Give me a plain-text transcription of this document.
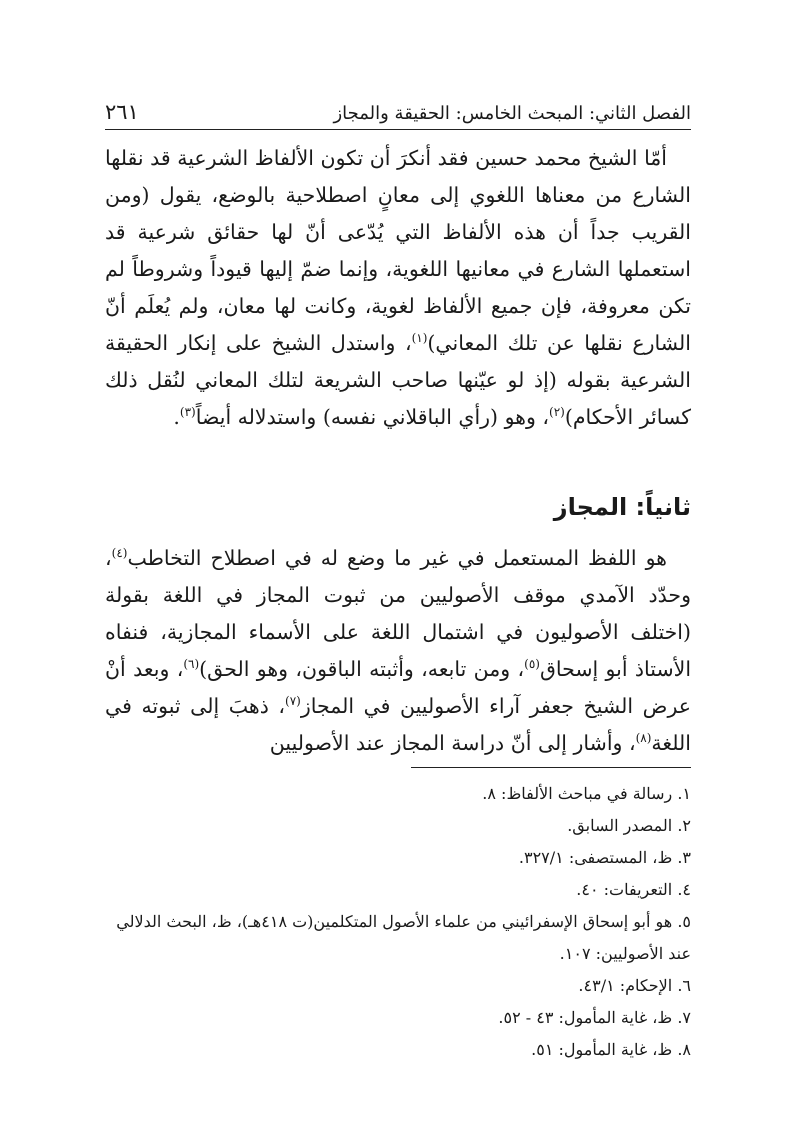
الفصل الثاني: المبحث الخامس: الحقيقة والمجاز
٢٦١

أمّا الشيخ محمد حسين فقد أنكرَ أن تكون الألفاظ الشرعية قد نقلها الشارع من معناها اللغوي إلى معانٍ اصطلاحية بالوضع، يقول (ومن القريب جداً أن هذه الألفاظ التي يُدّعى أنّ لها حقائق شرعية قد استعملها الشارع في معانيها اللغوية، وإنما ضمّ إليها قيوداً وشروطاً لم تكن معروفة، فإن جميع الألفاظ لغوية، وكانت لها معان، ولم يُعلَم أنّ الشارع نقلها عن تلك المعاني)$^{(١)}$، واستدل الشيخ على إنكار الحقيقة الشرعية بقوله (إذ لو عيّنها صاحب الشريعة لتلك المعاني لنُقل ذلك كسائر الأحكام)$^{(٢)}$، وهو (رأي الباقلاني نفسه) واستدلاله أيضاً$^{(٣)}$.

ثانياً: المجاز

هو اللفظ المستعمل في غير ما وضع له في اصطلاح التخاطب$^{(٤)}$، وحدّد الآمدي موقف الأصوليين من ثبوت المجاز في اللغة بقولة (اختلف الأصوليون في اشتمال اللغة على الأسماء المجازية، فنفاه الأستاذ أبو إسحاق$^{(٥)}$، ومن تابعه، وأثبته الباقون، وهو الحق)$^{(٦)}$، وبعد أنْ عرض الشيخ جعفر آراء الأصوليين في المجاز$^{(٧)}$، ذهبَ إلى ثبوته في اللغة$^{(٨)}$، وأشار إلى أنّ دراسة المجاز عند الأصوليين

١. رسالة في مباحث الألفاظ: ٨.

٢. المصدر السابق.

٣. ظ، المستصفى: ٣٢٧/١.

٤. التعريفات: ٤٠.

٥. هو أبو إسحاق الإسفرائيني من علماء الأصول المتكلمين(ت ٤١٨هـ)، ظ، البحث الدلالي عند الأصوليين: ١٠٧.

٦. الإحكام: ٤٣/١.

٧. ظ، غاية المأمول: ٤٣ - ٥٢.

٨. ظ، غاية المأمول: ٥١.
